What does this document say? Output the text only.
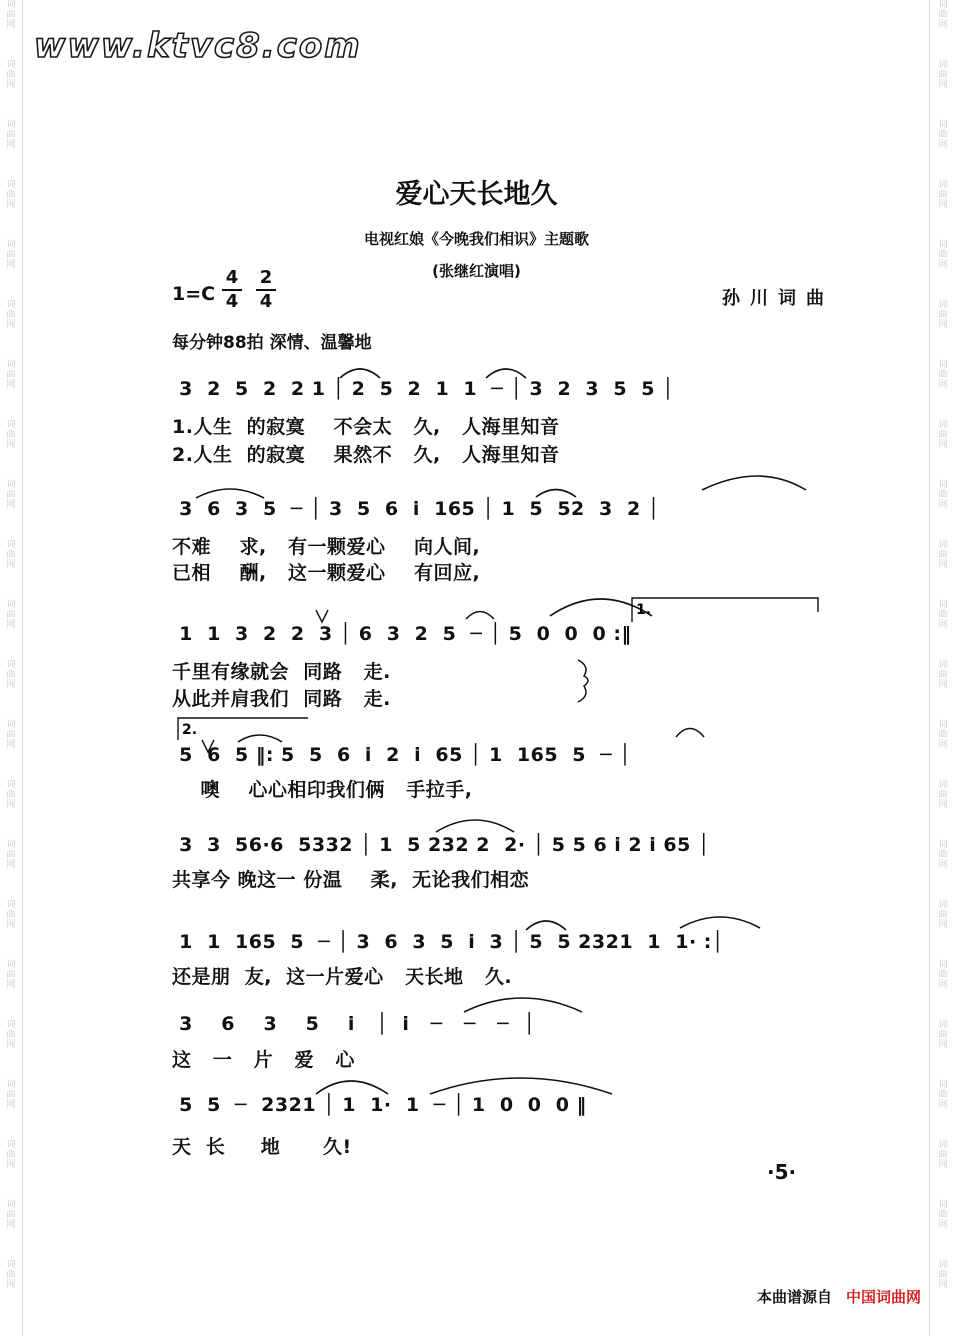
词
曲
网
词
曲
网
词
曲
网
词
曲
网
词
曲
网
词
曲
网
词
曲
网
词
曲
网
词
曲
网
词
曲
网
词
曲
网
词
曲
网
词
曲
网
词
曲
网
词
曲
网
词
曲
网
词
曲
网
词
曲
网
词
曲
网
词
曲
网
词
曲
网
词
曲
网
词
曲
网
词
曲
网
词
曲
网
词
曲
网
词
曲
网
词
曲
网
词
曲
网
词
曲
网
词
曲
网
词
曲
网
词
曲
网
词
曲
网
词
曲
网
词
曲
网
词
曲
网
词
曲
网
词
曲
网
词
曲
网
词
曲
网
词
曲
网
词
曲
网
词
曲
网
www.ktvc8.com
爱心天长地久
电视红娘《今晚我们相识》主题歌
(张继红演唱)
1=C
4
4
2
4	孙川词曲
每分钟88拍 深情、温馨地
3  2  5  2  2 1 │ 2  5  2  1  1  ─ │ 3  2  3  5  5 │
1.人生  的寂寞    不会太   久,   人海里知音
2.人生  的寂寞    果然不   久,   人海里知音
3  6  3  5  ─ │ 3  5  6  i  165 │ 1  5  52  3  2 │
不难    求,   有一颗爱心    向人间,
已相    酬,   这一颗爱心    有回应,
1  1  3  2  2  3 │ 6  3  2  5  ─ │ 5  0  0  0 :‖
千里有缘就会  同路   走.
从此并肩我们  同路   走.
5  6  5 ‖: 5  5  6  i  2  i  65 │ 1  165  5  ─ │
噢    心心相印我们俩   手拉手,
3  3  56·6  5332 │ 1  5 232 2  2· │ 5 5 6 i 2 i 65 │
共享今 晚这一 份温    柔,  无论我们相恋
1  1  165  5  ─ │ 3  6  3  5  i  3 │ 5  5 2321  1  1· :│
还是朋  友,  这一片爱心   天长地   久.
3    6    3    5    i   │  i   ─   ─   ─  │
这   一   片   爱   心
5  5  ─  2321 │ 1  1·  1  ─ │ 1  0  0  0 ‖
天  长     地      久!
1.
2.
·5·
本曲谱源自 中国词曲网
